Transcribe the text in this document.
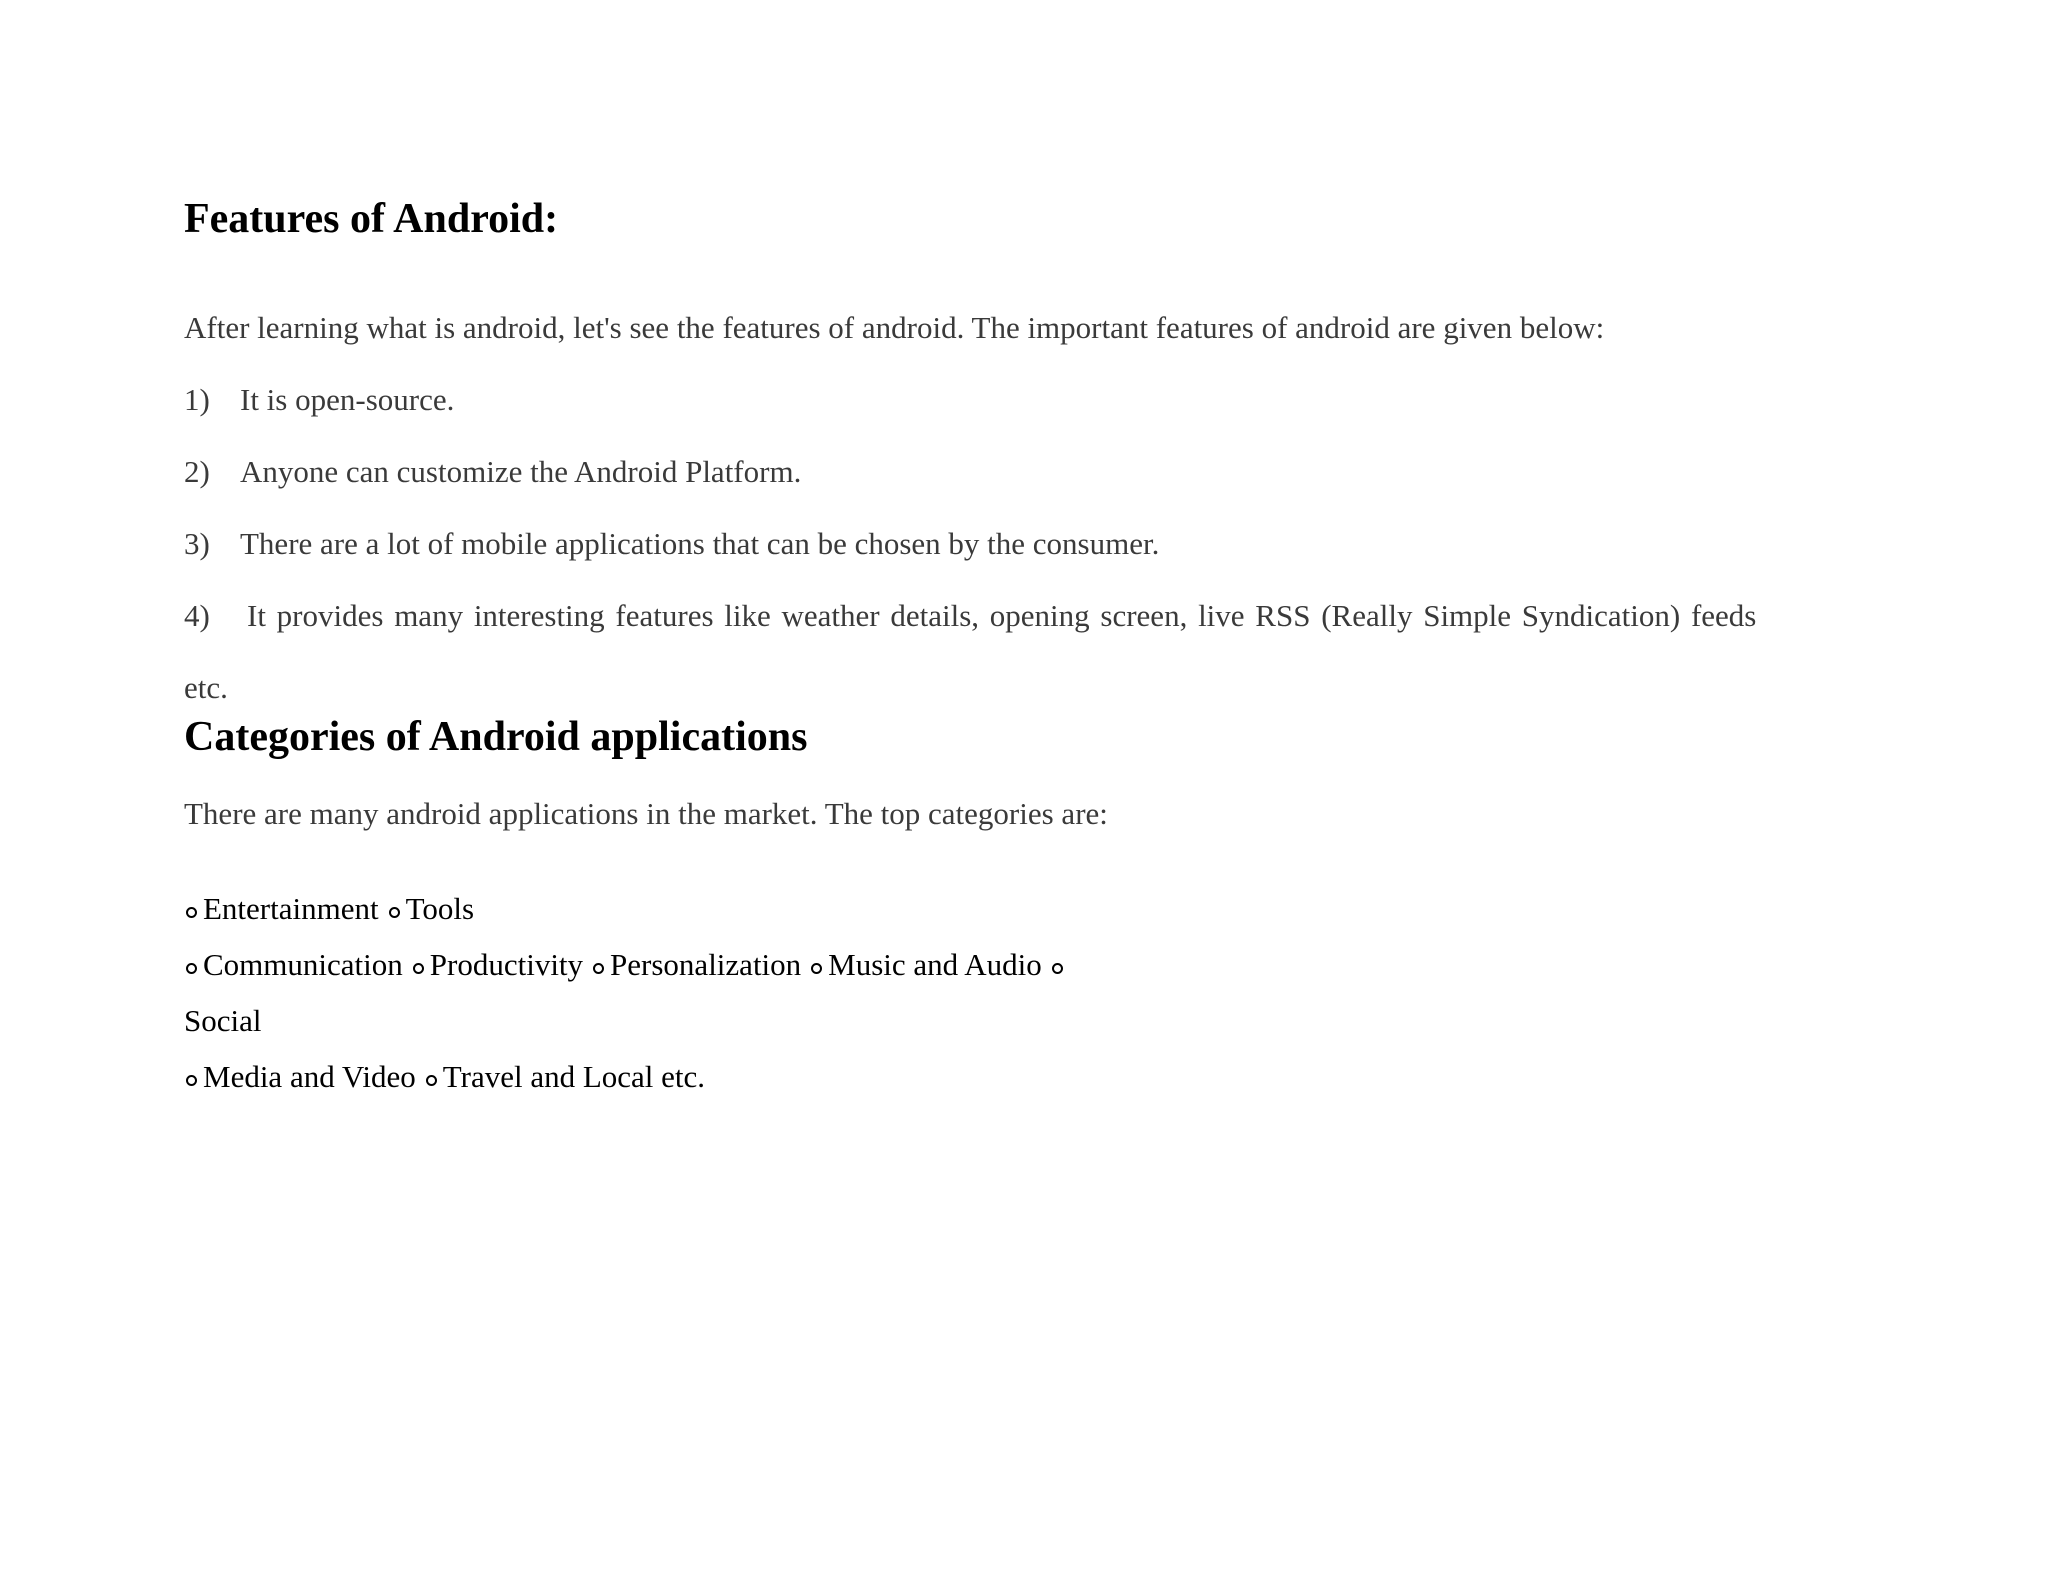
Features of Android:
After learning what is android, let's see the features of android. The important features of android are given below:
1) It is open-source.
2) Anyone can customize the Android Platform.
3) There are a lot of mobile applications that can be chosen by the consumer.
4) It provides many interesting features like weather details, opening screen, live RSS (Really Simple Syndication) feeds
etc.
Categories of Android applications
There are many android applications in the market. The top categories are:
Entertainment Tools
Communication Productivity Personalization Music and Audio
Social
Media and Video Travel and Local etc.
